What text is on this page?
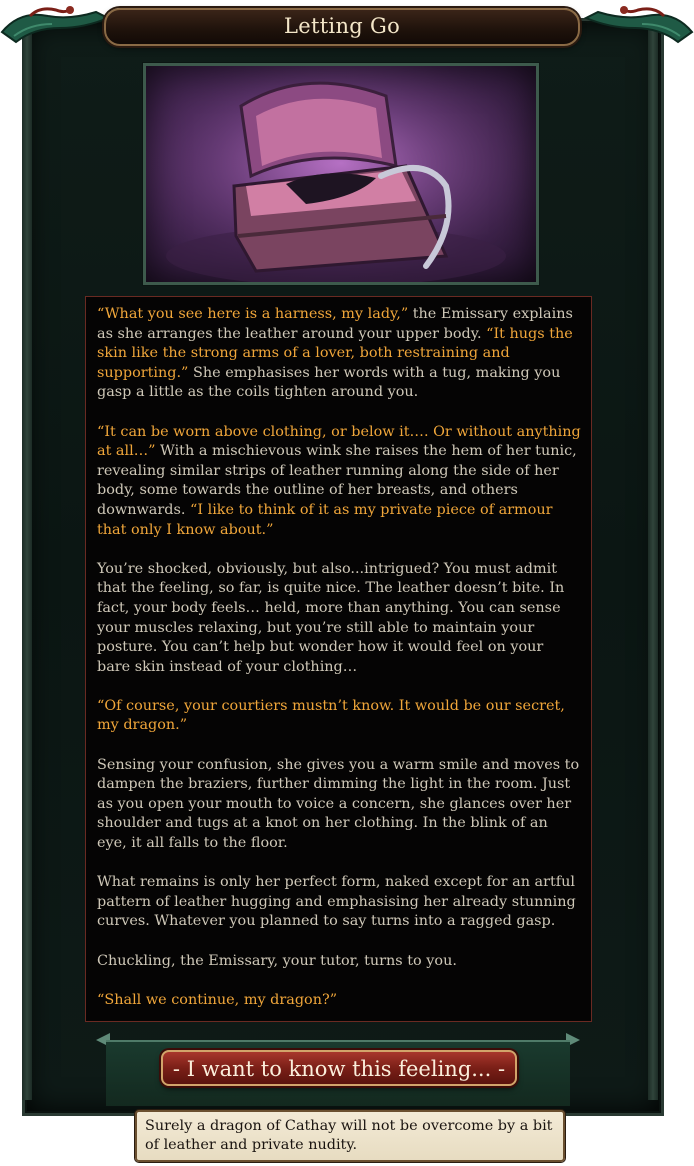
Letting Go

“What you see here is a harness, my lady,” the Emissary explains as she arranges the leather around your upper body. “It hugs the skin like the strong arms of a lover, both restraining and supporting.” She emphasises her words with a tug, making you gasp a little as the coils tighten around you.

“It can be worn above clothing, or below it…. Or without anything at all…” With a mischievous wink she raises the hem of her tunic, revealing similar strips of leather running along the side of her body, some towards the outline of her breasts, and others downwards. “I like to think of it as my private piece of armour that only I know about.”

You’re shocked, obviously, but also...intrigued? You must admit that the feeling, so far, is quite nice. The leather doesn’t bite. In fact, your body feels… held, more than anything. You can sense your muscles relaxing, but you’re still able to maintain your posture. You can’t help but wonder how it would feel on your bare skin instead of your clothing…

“Of course, your courtiers mustn’t know. It would be our secret, my dragon.”

Sensing your confusion, she gives you a warm smile and moves to dampen the braziers, further dimming the light in the room. Just as you open your mouth to voice a concern, she glances over her shoulder and tugs at a knot on her clothing. In the blink of an eye, it all falls to the floor.

What remains is only her perfect form, naked except for an artful pattern of leather hugging and emphasising her already stunning curves. Whatever you planned to say turns into a ragged gasp.

Chuckling, the Emissary, your tutor, turns to you.

“Shall we continue, my dragon?”

- I want to know this feeling... -
Surely a dragon of Cathay will not be overcome by a bit of leather and private nudity.
